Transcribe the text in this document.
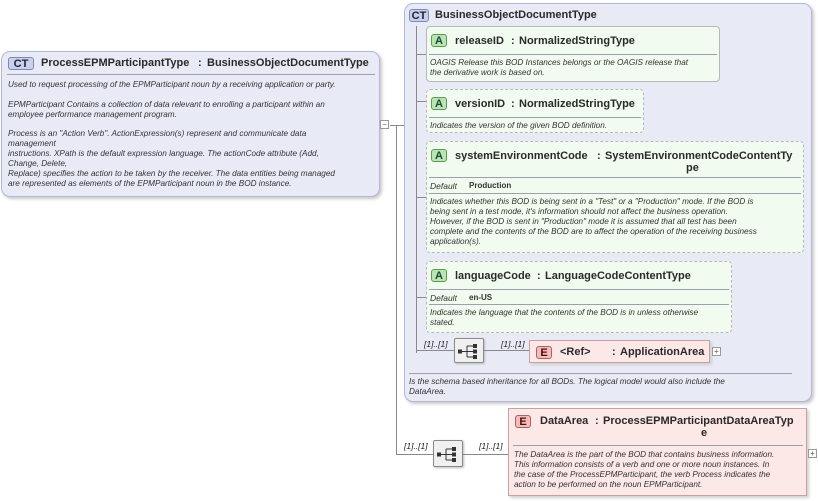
CT	ProcessEPMParticipantType : BusinessObjectDocumentType
Used to request processing of the EPMParticipant noun by a receiving application or party.
EPMParticipant Contains a collection of data relevant to enrolling a participant within an
employee performance management program.
Process is an "Action Verb". ActionExpression(s) represent and communicate data
management
instructions. XPath is the default expression language. The actionCode attribute (Add,
Change, Delete,
Replace) specifies the action to be taken by the receiver. The data entities being managed
are represented as elements of the EPMParticipant noun in the BOD instance.
−
CT BusinessObjectDocumentType
A	releaseID : NormalizedStringType
OAGIS Release this BOD Instances belongs or the OAGIS release that
the derivative work is based on.
A	versionID : NormalizedStringType
Indicates the version of the given BOD definition.
A	systemEnvironmentCode : SystemEnvironmentCodeContentTy
pe
Default Production
Indicates whether this BOD is being sent in a "Test" or a "Production" mode. If the BOD is
being sent in a test mode, it's information should not affect the business operation.
However, if the BOD is sent in "Production" mode it is assumed that all test has been
complete and the contents of the BOD are to affect the operation of the receiving business
application(s).
A	languageCode : LanguageCodeContentType
Default en-US
Indicates the language that the contents of the BOD is in unless otherwise
stated.
[1]..[1]	[1]..[1]
E	<Ref> : ApplicationArea +
Is the schema based inheritance for all BODs. The logical model would also include the
DataArea.
[1]..[1]	[1]..[1]
E	DataArea : ProcessEPMParticipantDataAreaTyp
e
The DataArea is the part of the BOD that contains business information.
This information consists of a verb and one or more noun instances. In
the case of the ProcessEPMParticipant, the verb Process indicates the
action to be performed on the noun EPMParticipant.
+
